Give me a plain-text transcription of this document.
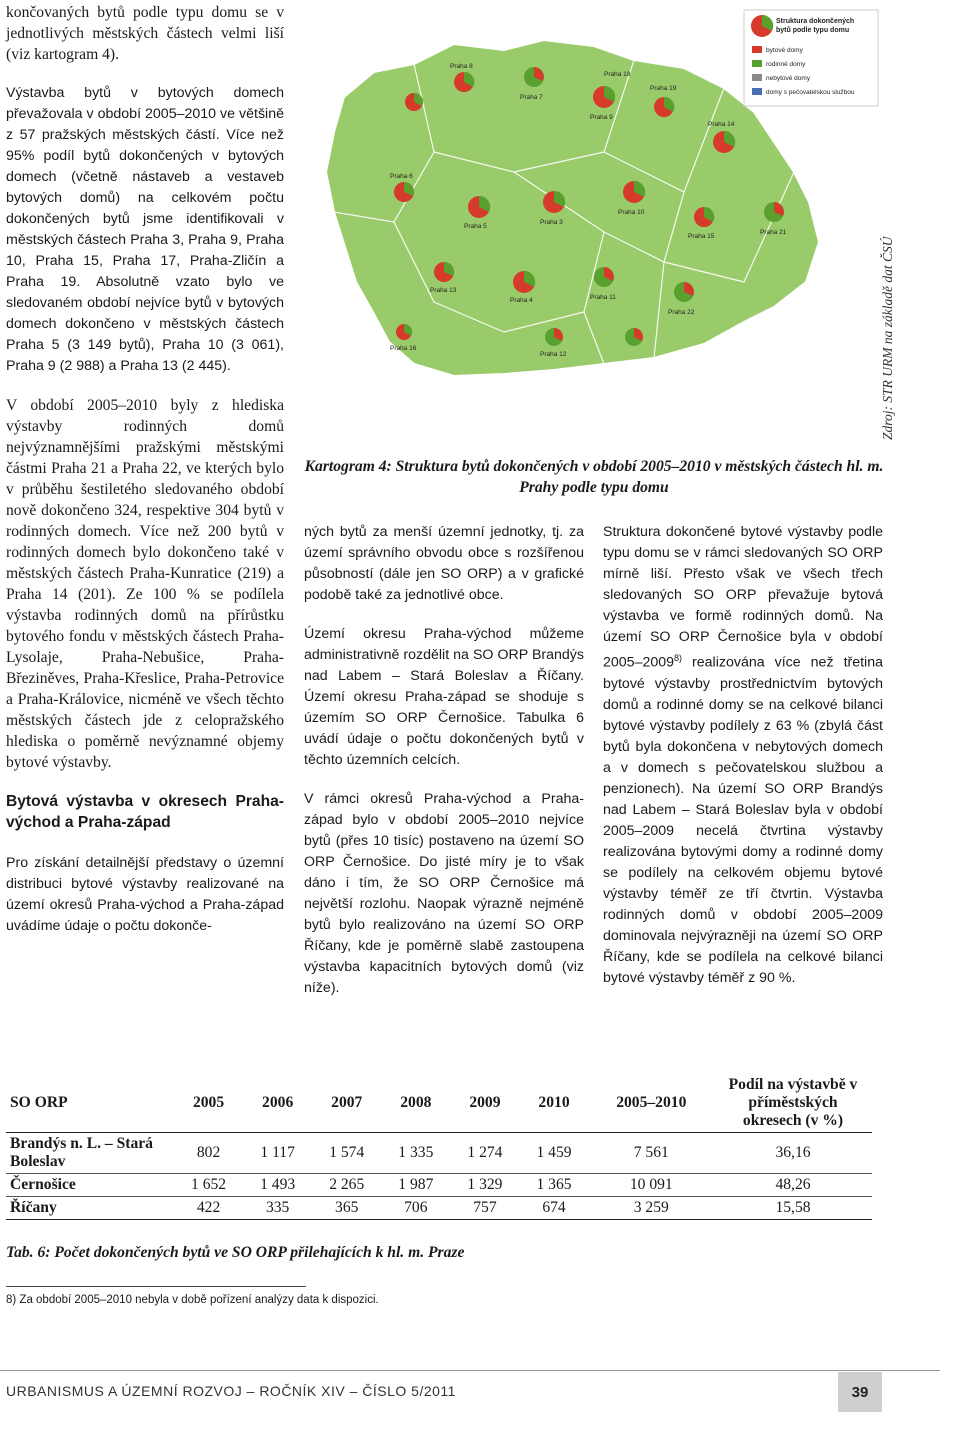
končovaných bytů podle typu domu se v jednotlivých městských částech velmi liší (viz kartogram 4).

Výstavba bytů v bytových domech převažovala v období 2005–2010 ve většině z 57 pražských městských částí. Více než 95% podíl bytů dokončených v bytových domech (včetně nástaveb a vestaveb bytových domů) na celkovém počtu dokončených bytů jsme identifikovali v městských částech Praha 3, Praha 9, Praha 10, Praha 15, Praha 17, Praha-Zličín a Praha 19. Absolutně vzato bylo ve sledovaném období nejvíce bytů v bytových domech dokončeno v městských částech Praha 5 (3 149 bytů), Praha 10 (3 061), Praha 9 (2 988) a Praha 13 (2 445).

V období 2005–2010 byly z hlediska výstavby rodinných domů nejvýznamnějšími pražskými městskými částmi Praha 21 a Praha 22, ve kterých bylo v průběhu šestiletého sledovaného období nově dokončeno 324, respektive 304 bytů v rodinných domech. Více než 200 bytů v rodinných domech bylo dokončeno také v městských částech Praha-Kunratice (219) a Praha 14 (201). Ze 100 % se podílela výstavba rodinných domů na přírůstku bytového fondu v městských částech Praha-Lysolaje, Praha-Nebušice, Praha-Březiněves, Praha-Křeslice, Praha-Petrovice a Praha-Královice, nicméně ve všech těchto městských částech jde z celopražského hlediska o poměrně nevýznamné objemy bytové výstavby.

Bytová výstavba v okresech Praha-východ a Praha-západ

Pro získání detailnější představy o územní distribuci bytové výstavby realizované na území okresů Praha-východ a Praha-západ uvádíme údaje o počtu dokonče-

Praha 8
Praha 9
Praha 18
Praha 14
Praha 7
Praha 19
Praha 6
Praha 3
Praha 10
Praha 13
Praha 5
Praha 15
Praha 4	Praha 11
Praha 12
Praha 16
Praha 21
Praha 22
Struktura dokončených bytů podle typu domu
bytové domy
rodinné domy
nebytové domy
domy s pečovatelskou službou
Zdroj: STR URM na základě dat ČSÚ
Kartogram 4: Struktura bytů dokončených v období 2005–2010 v městských částech hl. m. Prahy podle typu domu

ných bytů za menší územní jednotky, tj. za území správního obvodu obce s rozšířenou působností (dále jen SO ORP) a v grafické podobě také za jednotlivé obce.

Území okresu Praha-východ můžeme administrativně rozdělit na SO ORP Brandýs nad Labem – Stará Boleslav a Říčany. Území okresu Praha-západ se shoduje s územím SO ORP Černošice. Tabulka 6 uvádí údaje o počtu dokončených bytů v těchto územních celcích.

V rámci okresů Praha-východ a Praha-západ bylo v období 2005–2010 nejvíce bytů (přes 10 tisíc) postaveno na území SO ORP Černošice. Do jisté míry je to však dáno i tím, že SO ORP Černošice má největší rozlohu. Naopak výrazně nejméně bytů bylo realizováno na území SO ORP Říčany, kde je poměrně slabě zastoupena výstavba kapacitních bytových domů (viz níže).

Struktura dokončené bytové výstavby podle typu domu se v rámci sledovaných SO ORP mírně liší. Přesto však ve všech třech sledovaných SO ORP převažuje bytová výstavba ve formě rodinných domů. Na území SO ORP Černošice byla v období 2005–2009$^{8)}$ realizována více než třetina bytové výstavby prostřednictvím bytových domů a rodinné domy se na celkové bilanci bytové výstavby podílely z 63 % (zbylá část bytů byla dokončena v nebytových domech a v domech s pečovatelskou službou a penzionech). Na území SO ORP Brandýs nad Labem – Stará Boleslav byla v období 2005–2009 necelá čtvrtina výstavby realizována bytovými domy a rodinné domy se podílely na celkovém objemu bytové výstavby téměř ze tří čtvrtin. Výstavba rodinných domů v období 2005–2009 dominovala nejvýrazněji na území SO ORP Říčany, kde se podílela na celkové bilanci bytové výstavby téměř z 90 %.

SO ORP	2005	2006	2007	2008	2009	2010	2005–2010	Podíl na výstavbě v příměstských okresech (v %)
Brandýs n. L. – Stará Boleslav	802	1 117	1 574	1 335	1 274	1 459	7 561	36,16
Černošice	1 652	1 493	2 265	1 987	1 329	1 365	10 091	48,26
Říčany	422	335	365	706	757	674	3 259	15,58
Tab. 6: Počet dokončených bytů ve SO ORP přilehajících k hl. m. Praze
8) Za období 2005–2010 nebyla v době pořízení analýzy data k dispozici.
URBANISMUS A ÚZEMNÍ ROZVOJ – ROČNÍK XIV – ČÍSLO 5/2011	39
